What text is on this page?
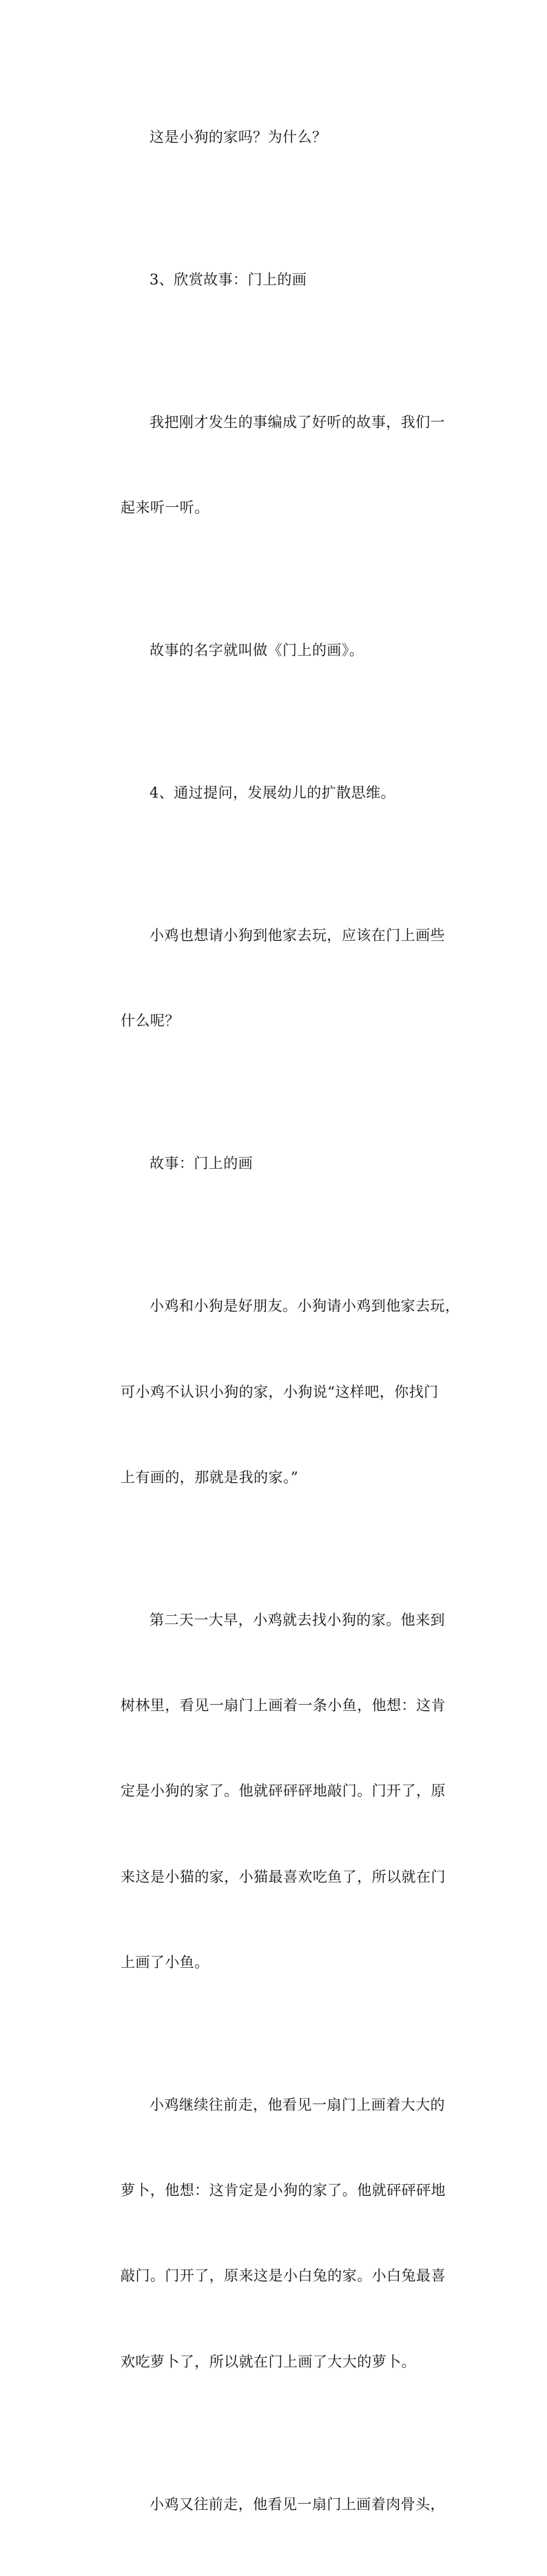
这是小狗的家吗？为什么？

3、欣赏故事：门上的画

我把刚才发生的事编成了好听的故事，我们一

起来听一听。

故事的名字就叫做《门上的画》。

4、通过提问，发展幼儿的扩散思维。

小鸡也想请小狗到他家去玩，应该在门上画些

什么呢？

故事：门上的画

小鸡和小狗是好朋友。小狗请小鸡到他家去玩，

可小鸡不认识小狗的家，小狗说“这样吧，你找门

上有画的，那就是我的家。”

第二天一大早，小鸡就去找小狗的家。他来到

树林里，看见一扇门上画着一条小鱼，他想：这肯

定是小狗的家了。他就砰砰砰地敲门。门开了，原

来这是小猫的家，小猫最喜欢吃鱼了，所以就在门

上画了小鱼。

小鸡继续往前走，他看见一扇门上画着大大的

萝卜，他想：这肯定是小狗的家了。他就砰砰砰地

敲门。门开了，原来这是小白兔的家。小白兔最喜

欢吃萝卜了，所以就在门上画了大大的萝卜。

小鸡又往前走，他看见一扇门上画着肉骨头，
